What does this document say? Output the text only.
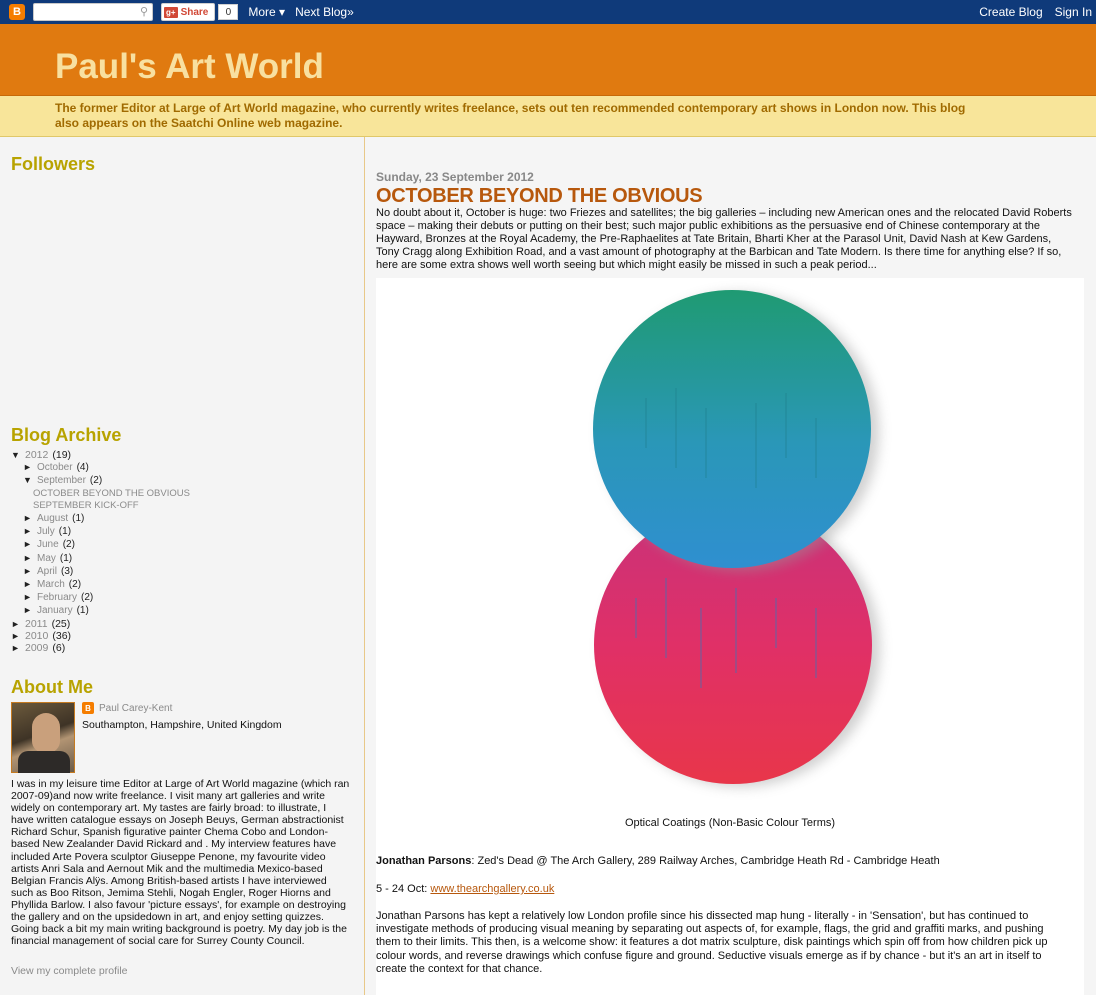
B	⚲ g+ Share	0	More ▾ Next Blog»	Create Blog Sign In
Paul's Art World
The former Editor at Large of Art World magazine, who currently writes freelance, sets out ten recommended contemporary art shows in London now. This blog also appears on the Saatchi Online web magazine.
Followers
Blog Archive
▼ 2012 (19)
► October (4)
▼ September (2)
OCTOBER BEYOND THE OBVIOUS
SEPTEMBER KICK-OFF
► August (1)
► July (1)
► June (2)
► May (1)
► April (3)
► March (2)
► February (2)
► January (1)
► 2011 (25)
► 2010 (36)
► 2009 (6)
About Me
B Paul Carey-Kent
Southampton, Hampshire, United Kingdom
I was in my leisure time Editor at Large of Art World magazine (which ran 2007-09)and now write freelance. I visit many art galleries and write widely on contemporary art. My tastes are fairly broad: to illustrate, I have written catalogue essays on Joseph Beuys, German abstractionist Richard Schur, Spanish figurative painter Chema Cobo and London-based New Zealander David Rickard and . My interview features have included Arte Povera sculptor Giuseppe Penone, my favourite video artists Anri Sala and Aernout Mik and the multimedia Mexico-based Belgian Francis Alÿs. Among British-based artists I have interviewed such as Boo Ritson, Jemima Stehli, Nogah Engler, Roger Hiorns and Phyllida Barlow. I also favour 'picture essays', for example on destroying the gallery and on the upsidedown in art, and enjoy setting quizzes. Going back a bit my main writing background is poetry. My day job is the financial management of social care for Surrey County Council.
View my complete profile
Sunday, 23 September 2012
OCTOBER BEYOND THE OBVIOUS
No doubt about it, October is huge: two Friezes and satellites; the big galleries – including new American ones and the relocated David Roberts space – making their debuts or putting on their best; such major public exhibitions as the persuasive end of Chinese contemporary at the Hayward, Bronzes at the Royal Academy, the Pre-Raphaelites at Tate Britain, Bharti Kher at the Parasol Unit, David Nash at Kew Gardens, Tony Cragg along Exhibition Road, and a vast amount of photography at the Barbican and Tate Modern. Is there time for anything else? If so, here are some extra shows well worth seeing but which might easily be missed in such a peak period...
Optical Coatings (Non-Basic Colour Terms)
Jonathan Parsons: Zed's Dead @ The Arch Gallery, 289 Railway Arches, Cambridge Heath Rd - Cambridge Heath
5 - 24 Oct: www.thearchgallery.co.uk
Jonathan Parsons has kept a relatively low London profile since his dissected map hung - literally - in 'Sensation', but has continued to investigate methods of producing visual meaning by separating out aspects of, for example, flags, the grid and graffiti marks, and pushing them to their limits. This then, is a welcome show: it features a dot matrix sculpture, disk paintings which spin off from how children pick up colour words, and reverse drawings which confuse figure and ground. Seductive visuals emerge as if by chance - but it's an art in itself to create the context for that chance.
